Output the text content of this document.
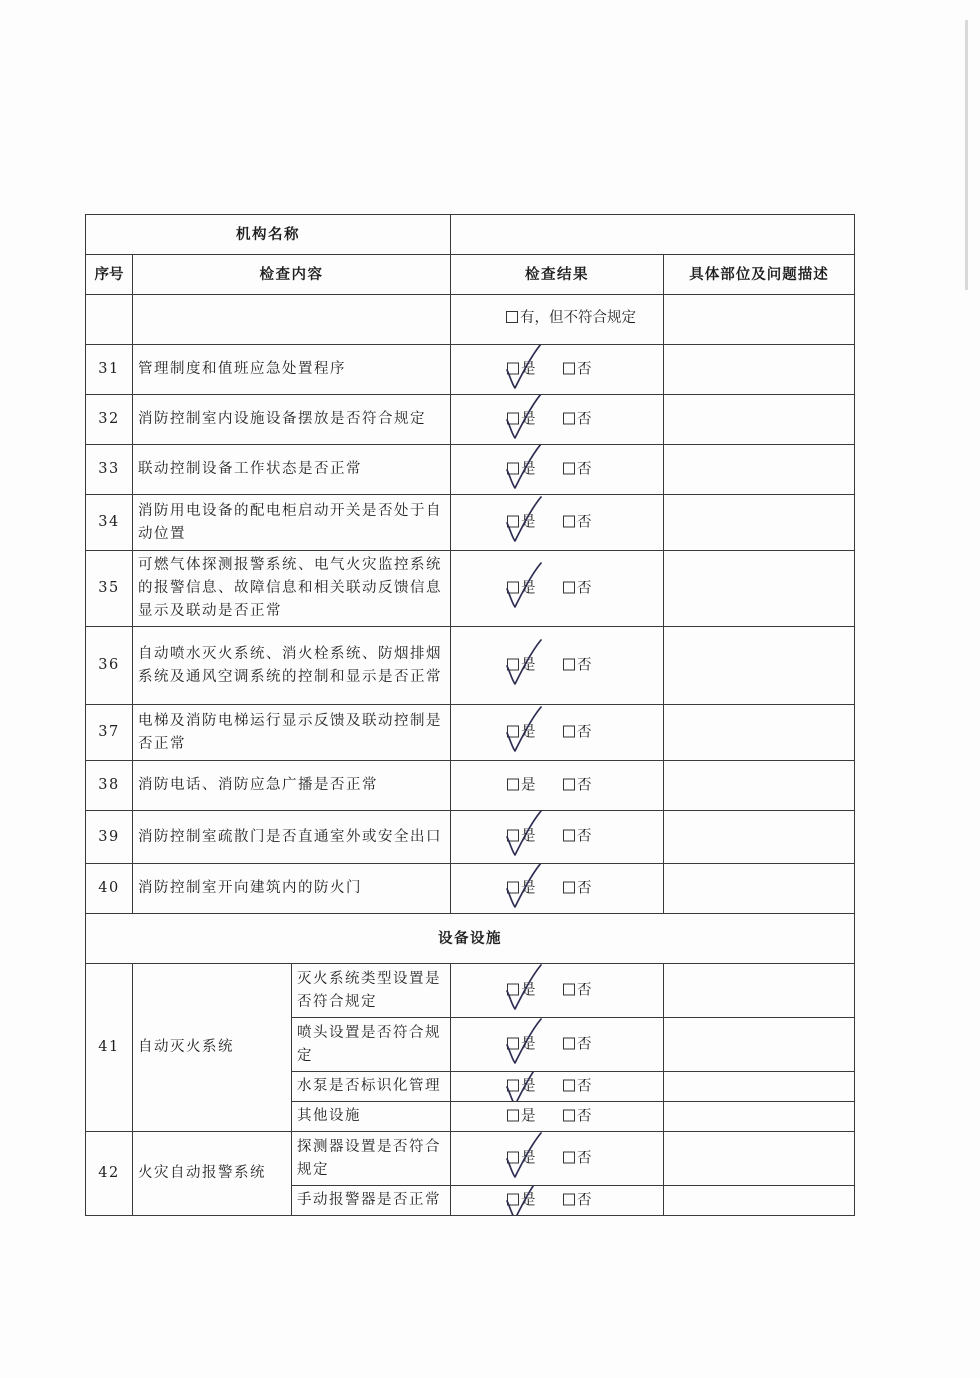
机构名称				
序号	检查内容		检查结果	具体部位及问题描述

			有，但不符合规定	

31	管理制度和值班应急处置程序		是 否	

32	消防控制室内设施设备摆放是否符合规定		是 否	

33	联动控制设备工作状态是否正常		是 否	

34	消防用电设备的配电柜启动开关是否处于自动位置		是 否	

35	可燃气体探测报警系统、电气火灾监控系统的报警信息、故障信息和相关联动反馈信息显示及联动是否正常		是 否	

36	自动喷水灭火系统、消火栓系统、防烟排烟系统及通风空调系统的控制和显示是否正常		是 否	

37	电梯及消防电梯运行显示反馈及联动控制是否正常		是 否	

38	消防电话、消防应急广播是否正常		是 否	

39	消防控制室疏散门是否直通室外或安全出口		是 否	

40	消防控制室开向建筑内的防火门		是 否	

设备设施				
41	自动灭火系统	灭火系统类型设置是否符合规定	是 否	

		喷头设置是否符合规定	是 否	

		水泵是否标识化管理	是 否	

		其他设施	是 否	

42	火灾自动报警系统	探测器设置是否符合规定	是 否	

		手动报警器是否正常	是 否	
